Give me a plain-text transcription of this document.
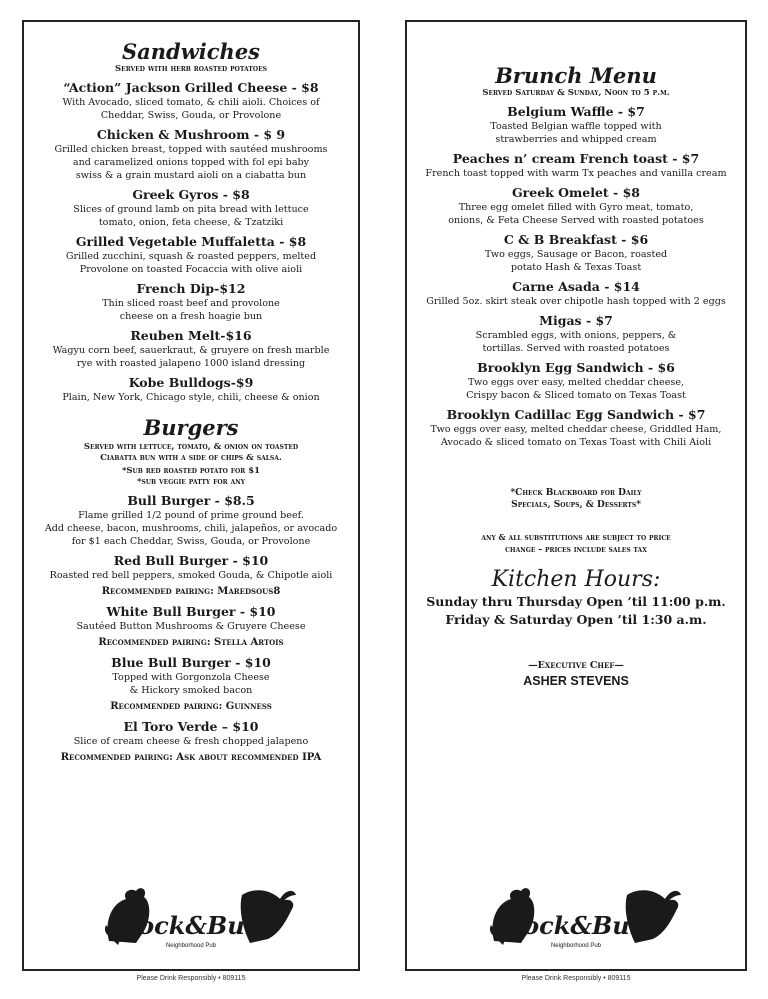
Sandwiches
Served with herb roasted potatoes
“Action” Jackson Grilled Cheese - $8
With Avocado, sliced tomato, & chili aioli. Choices of
Cheddar, Swiss, Gouda, or Provolone
Chicken & Mushroom - $ 9
Grilled chicken breast, topped with sautéed mushrooms
and caramelized onions topped with fol epi baby
swiss & a grain mustard aioli on a ciabatta bun
Greek Gyros - $8
Slices of ground lamb on pita bread with lettuce
tomato, onion, feta cheese, & Tzatziki
Grilled Vegetable Muffaletta - $8
Grilled zucchini, squash & roasted peppers, melted
Provolone on toasted Focaccia with olive aioli
French Dip-$12
Thin sliced roast beef and provolone
cheese on a fresh hoagie bun
Reuben Melt-$16
Wagyu corn beef, sauerkraut, & gruyere on fresh marble
rye with roasted jalapeno 1000 island dressing
Kobe Bulldogs-$9
Plain, New York, Chicago style, chili, cheese & onion
Burgers
Served with lettuce, tomato, & onion on toasted
Ciabatta bun with a side of chips & salsa.
*Sub red roasted potato for $1
*sub veggie patty for any
Bull Burger - $8.5
Flame grilled 1/2 pound of prime ground beef.
Add cheese, bacon, mushrooms, chili, jalapeños, or avocado
for $1 each Cheddar, Swiss, Gouda, or Provolone
Red Bull Burger - $10
Roasted red bell peppers, smoked Gouda, & Chipotle aioli
Recommended pairing: Maredsous8
White Bull Burger - $10
Sautéed Button Mushrooms & Gruyere Cheese
Recommended pairing: Stella Artois
Blue Bull Burger - $10
Topped with Gorgonzola Cheese
& Hickory smoked bacon
Recommended pairing: Guinness
El Toro Verde – $10
Slice of cream cheese & fresh chopped jalapeno
Recommended pairing: Ask about recommended IPA
Cock&Bull
Neighborhood Pub
Please Drink Responsibly • 809115
Brunch Menu
Served Saturday & Sunday, Noon to 5 p.m.
Belgium Waffle - $7
Toasted Belgian waffle topped with
strawberries and whipped cream
Peaches n’ cream French toast - $7
French toast topped with warm Tx peaches and vanilla cream
Greek Omelet - $8
Three egg omelet filled with Gyro meat, tomato,
onions, & Feta Cheese Served with roasted potatoes
C & B Breakfast - $6
Two eggs, Sausage or Bacon, roasted
potato Hash & Texas Toast
Carne Asada - $14
Grilled 5oz. skirt steak over chipotle hash topped with 2 eggs
Migas - $7
Scrambled eggs, with onions, peppers, &
tortillas. Served with roasted potatoes
Brooklyn Egg Sandwich - $6
Two eggs over easy, melted cheddar cheese,
Crispy bacon & Sliced tomato on Texas Toast
Brooklyn Cadillac Egg Sandwich - $7
Two eggs over easy, melted cheddar cheese, Griddled Ham,
Avocado & sliced tomato on Texas Toast with Chili Aioli
*Check Blackboard for Daily
Specials, Soups, & Desserts*
any & all substitutions are subject to price
change – prices include sales tax
Kitchen Hours:
Sunday thru Thursday Open ’til 11:00 p.m.
Friday & Saturday Open ’til 1:30 a.m.
—Executive Chef—
ASHER STEVENS
Cock&Bull
Neighborhood Pub
Please Drink Responsibly • 809115
